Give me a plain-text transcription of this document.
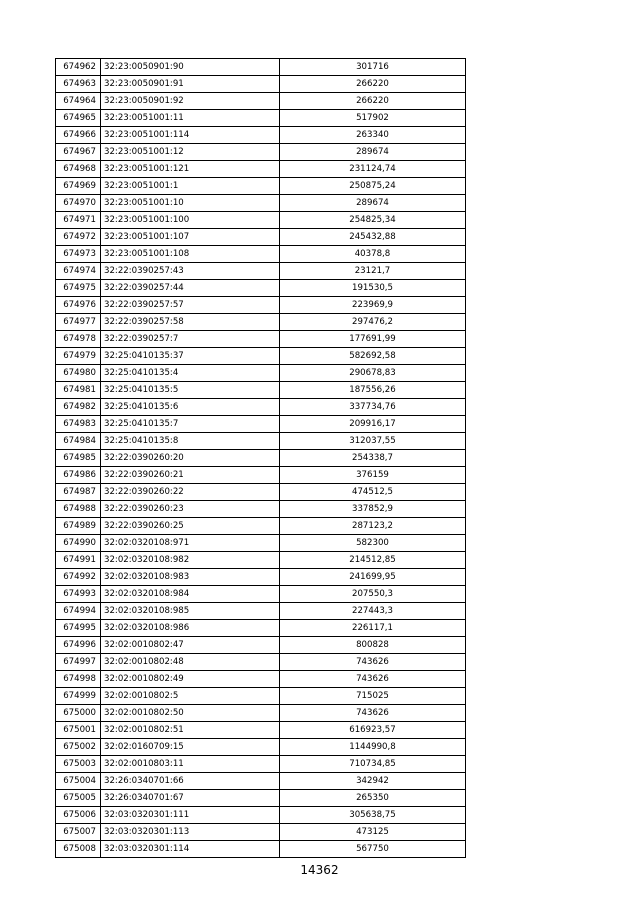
674962	32:23:0050901:90	301716
674963	32:23:0050901:91	266220
674964	32:23:0050901:92	266220
674965	32:23:0051001:11	517902
674966	32:23:0051001:114	263340
674967	32:23:0051001:12	289674
674968	32:23:0051001:121	231124,74
674969	32:23:0051001:1	250875,24
674970	32:23:0051001:10	289674
674971	32:23:0051001:100	254825,34
674972	32:23:0051001:107	245432,88
674973	32:23:0051001:108	40378,8
674974	32:22:0390257:43	23121,7
674975	32:22:0390257:44	191530,5
674976	32:22:0390257:57	223969,9
674977	32:22:0390257:58	297476,2
674978	32:22:0390257:7	177691,99
674979	32:25:0410135:37	582692,58
674980	32:25:0410135:4	290678,83
674981	32:25:0410135:5	187556,26
674982	32:25:0410135:6	337734,76
674983	32:25:0410135:7	209916,17
674984	32:25:0410135:8	312037,55
674985	32:22:0390260:20	254338,7
674986	32:22:0390260:21	376159
674987	32:22:0390260:22	474512,5
674988	32:22:0390260:23	337852,9
674989	32:22:0390260:25	287123,2
674990	32:02:0320108:971	582300
674991	32:02:0320108:982	214512,85
674992	32:02:0320108:983	241699,95
674993	32:02:0320108:984	207550,3
674994	32:02:0320108:985	227443,3
674995	32:02:0320108:986	226117,1
674996	32:02:0010802:47	800828
674997	32:02:0010802:48	743626
674998	32:02:0010802:49	743626
674999	32:02:0010802:5	715025
675000	32:02:0010802:50	743626
675001	32:02:0010802:51	616923,57
675002	32:02:0160709:15	1144990,8
675003	32:02:0010803:11	710734,85
675004	32:26:0340701:66	342942
675005	32:26:0340701:67	265350
675006	32:03:0320301:111	305638,75
675007	32:03:0320301:113	473125
675008	32:03:0320301:114	567750
14362
